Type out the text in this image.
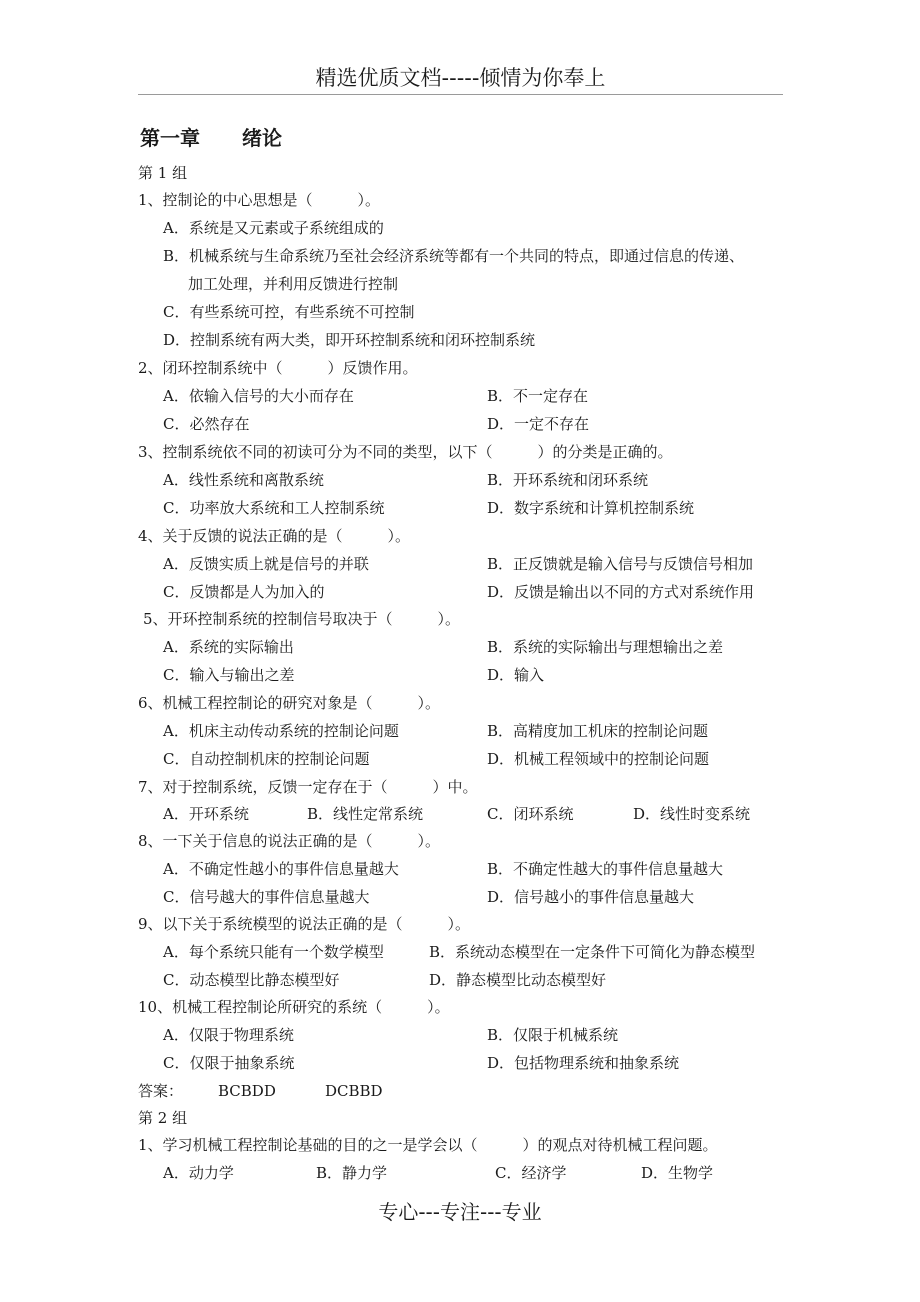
精选优质文档-----倾情为你奉上
第一章 绪论
第 1 组
1、控制论的中心思想是（　　　）。
A．系统是又元素或子系统组成的
B．机械系统与生命系统乃至社会经济系统等都有一个共同的特点，即通过信息的传递、
加工处理，并利用反馈进行控制
C．有些系统可控，有些系统不可控制
D．控制系统有两大类，即开环控制系统和闭环控制系统
2、闭环控制系统中（　　　）反馈作用。
A．依输入信号的大小而存在	B．不一定存在
C．必然存在	D．一定不存在
3、控制系统依不同的初读可分为不同的类型，以下（　　　）的分类是正确的。
A．线性系统和离散系统	B．开环系统和闭环系统
C．功率放大系统和工人控制系统	D．数字系统和计算机控制系统
4、关于反馈的说法正确的是（　　　）。
A．反馈实质上就是信号的并联	B．正反馈就是输入信号与反馈信号相加
C．反馈都是人为加入的	D．反馈是输出以不同的方式对系统作用
5、开环控制系统的控制信号取决于（　　　）。
A．系统的实际输出	B．系统的实际输出与理想输出之差
C．输入与输出之差	D．输入
6、机械工程控制论的研究对象是（　　　）。
A．机床主动传动系统的控制论问题	B．高精度加工机床的控制论问题
C．自动控制机床的控制论问题	D．机械工程领域中的控制论问题
7、对于控制系统，反馈一定存在于（　　　）中。
A．开环系统	B．线性定常系统	C．闭环系统	D．线性时变系统
8、一下关于信息的说法正确的是（　　　）。
A．不确定性越小的事件信息量越大	B．不确定性越大的事件信息量越大
C．信号越大的事件信息量越大	D．信号越小的事件信息量越大
9、以下关于系统模型的说法正确的是（　　　）。
A．每个系统只能有一个数学模型	B．系统动态模型在一定条件下可简化为静态模型
C．动态模型比静态模型好	D．静态模型比动态模型好
10、机械工程控制论所研究的系统（　　　）。
A．仅限于物理系统	B．仅限于机械系统
C．仅限于抽象系统	D．包括物理系统和抽象系统
答案： BCBDD	DCBBD
第 2 组
1、学习机械工程控制论基础的目的之一是学会以（　　　）的观点对待机械工程问题。
A．动力学	B．静力学	C．经济学	D．生物学
专心---专注---专业
